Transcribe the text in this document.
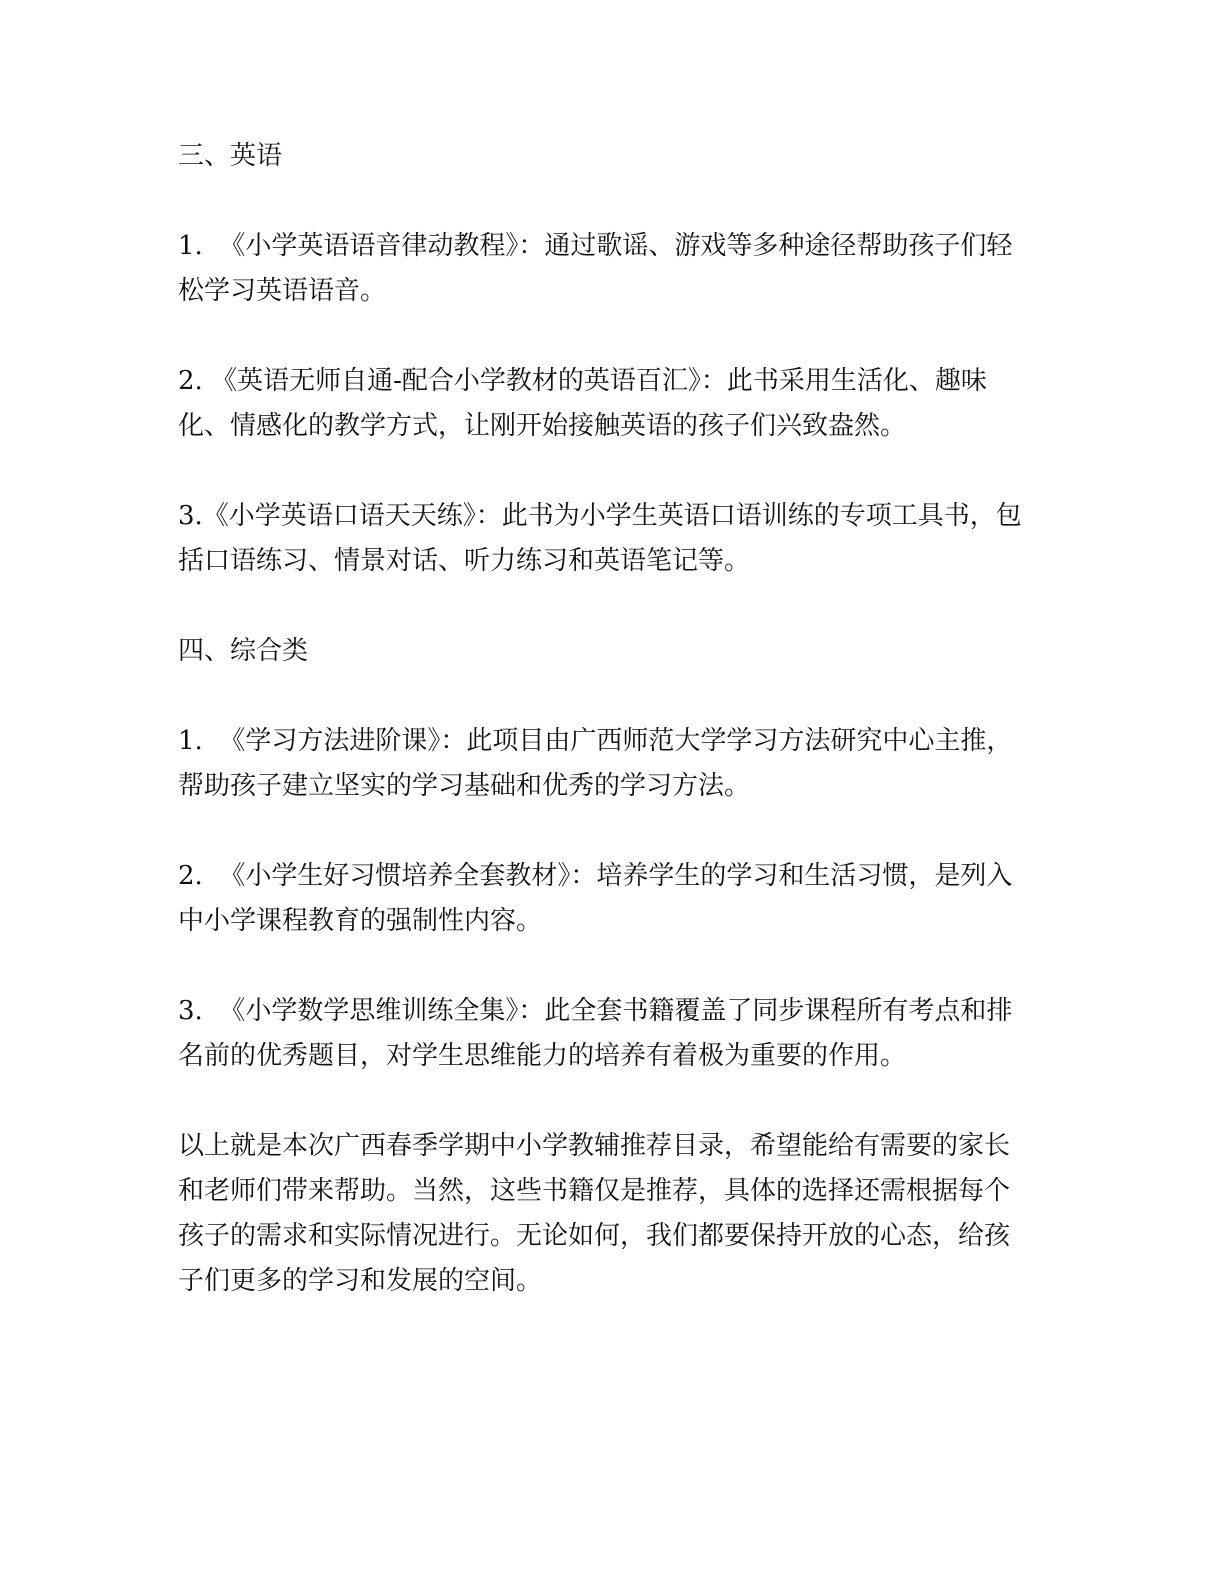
三、英语
1.  《小学英语语音律动教程》：通过歌谣、游戏等多种途径帮助孩子们轻松学习英语语音。
2. 《英语无师自通-配合小学教材的英语百汇》：此书采用生活化、趣味化、情感化的教学方式，让刚开始接触英语的孩子们兴致盎然。
3.《小学英语口语天天练》：此书为小学生英语口语训练的专项工具书，包括口语练习、情景对话、听力练习和英语笔记等。
四、综合类
1.  《学习方法进阶课》：此项目由广西师范大学学习方法研究中心主推，帮助孩子建立坚实的学习基础和优秀的学习方法。
2.  《小学生好习惯培养全套教材》：培养学生的学习和生活习惯，是列入中小学课程教育的强制性内容。
3.  《小学数学思维训练全集》：此全套书籍覆盖了同步课程所有考点和排名前的优秀题目，对学生思维能力的培养有着极为重要的作用。
以上就是本次广西春季学期中小学教辅推荐目录，希望能给有需要的家长和老师们带来帮助。当然，这些书籍仅是推荐，具体的选择还需根据每个孩子的需求和实际情况进行。无论如何，我们都要保持开放的心态，给孩子们更多的学习和发展的空间。
